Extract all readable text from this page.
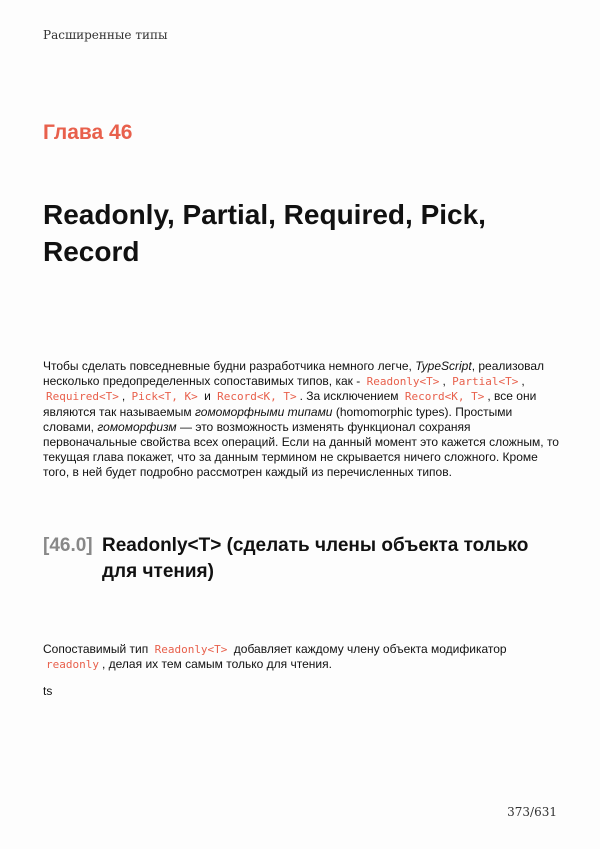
Расширенные типы
Глава 46
Readonly, Partial, Required, Pick, Record

Чтобы сделать повседневные будни разработчика немного легче, TypeScript, реализовал несколько предопределенных сопоставимых типов, как - Readonly<T> , Partial<T> , Required<T> , Pick<T, K> и Record<K, T> . За исключением Record<K, T> , все они являются так называемым гомоморфными типами (homomorphic types). Простыми словами, гомоморфизм — это возможность изменять функционал сохраняя первоначальные свойства всех операций. Если на данный момент это кажется сложным, то текущая глава покажет, что за данным термином не скрывается ничего сложного. Кроме того, в ней будет подробно рассмотрен каждый из перечисленных типов.

[46.0] Readonly<T> (сделать члены объекта только для чтения)

Сопоставимый тип Readonly<T> добавляет каждому члену объекта модификатор readonly , делая их тем самым только для чтения.

ts
373/631
